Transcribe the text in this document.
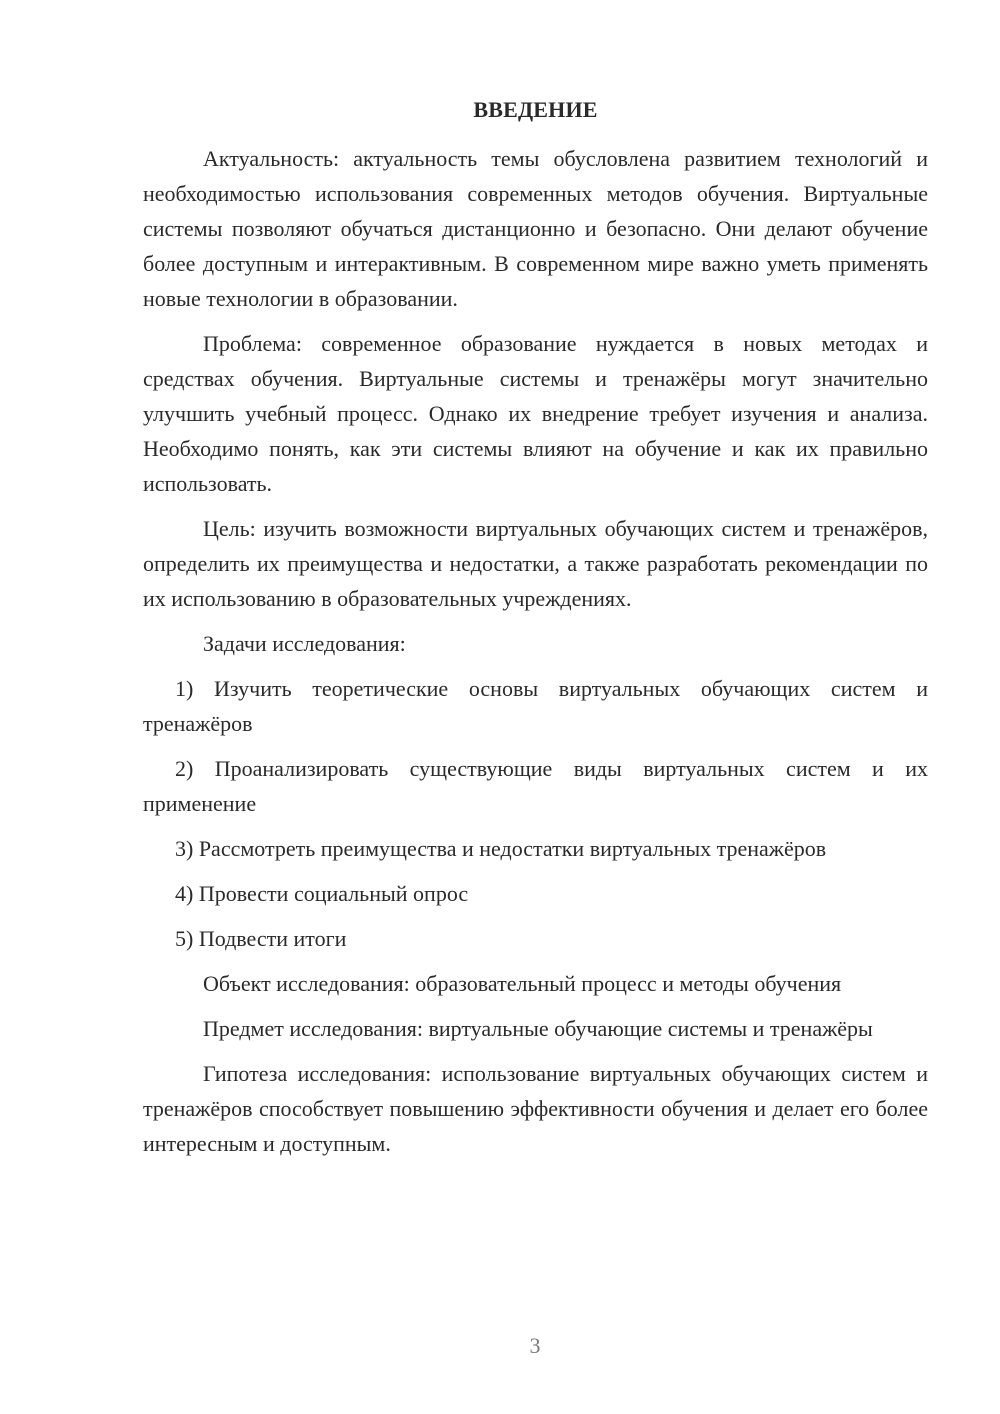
ВВЕДЕНИЕ

Актуальность: актуальность темы обусловлена развитием технологий и необходимостью использования современных методов обучения. Виртуальные системы позволяют обучаться дистанционно и безопасно. Они делают обучение более доступным и интерактивным. В современном мире важно уметь применять новые технологии в образовании.

Проблема: современное образование нуждается в новых методах и средствах обучения. Виртуальные системы и тренажёры могут значительно улучшить учебный процесс. Однако их внедрение требует изучения и анализа. Необходимо понять, как эти системы влияют на обучение и как их правильно использовать.

Цель: изучить возможности виртуальных обучающих систем и тренажёров, определить их преимущества и недостатки, а также разработать рекомендации по их использованию в образовательных учреждениях.

Задачи исследования:

1) Изучить теоретические основы виртуальных обучающих систем и тренажёров

2) Проанализировать существующие виды виртуальных систем и их применение

3) Рассмотреть преимущества и недостатки виртуальных тренажёров

4) Провести социальный опрос

5) Подвести итоги

Объект исследования: образовательный процесс и методы обучения

Предмет исследования: виртуальные обучающие системы и тренажёры

Гипотеза исследования: использование виртуальных обучающих систем и тренажёров способствует повышению эффективности обучения и делает его более интересным и доступным.

3
